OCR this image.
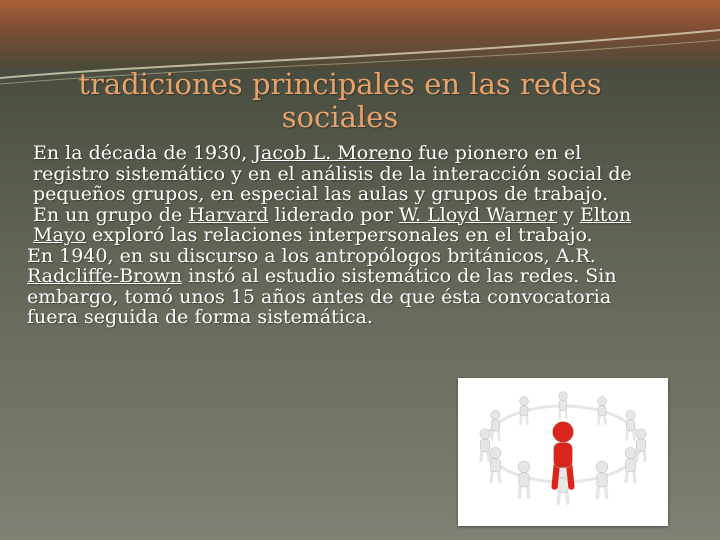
tradiciones principales en las redes sociales

En la década de 1930, Jacob L. Moreno fue pionero en el registro sistemático y en el análisis de la interacción social de pequeños grupos, en especial las aulas y grupos de trabajo.

En un grupo de Harvard liderado por W. Lloyd Warner y Elton Mayo exploró las relaciones interpersonales en el trabajo.

En 1940, en su discurso a los antropólogos británicos, A.R. Radcliffe-Brown instó al estudio sistemático de las redes. Sin embargo, tomó unos 15 años antes de que ésta convocatoria fuera seguida de forma sistemática.
